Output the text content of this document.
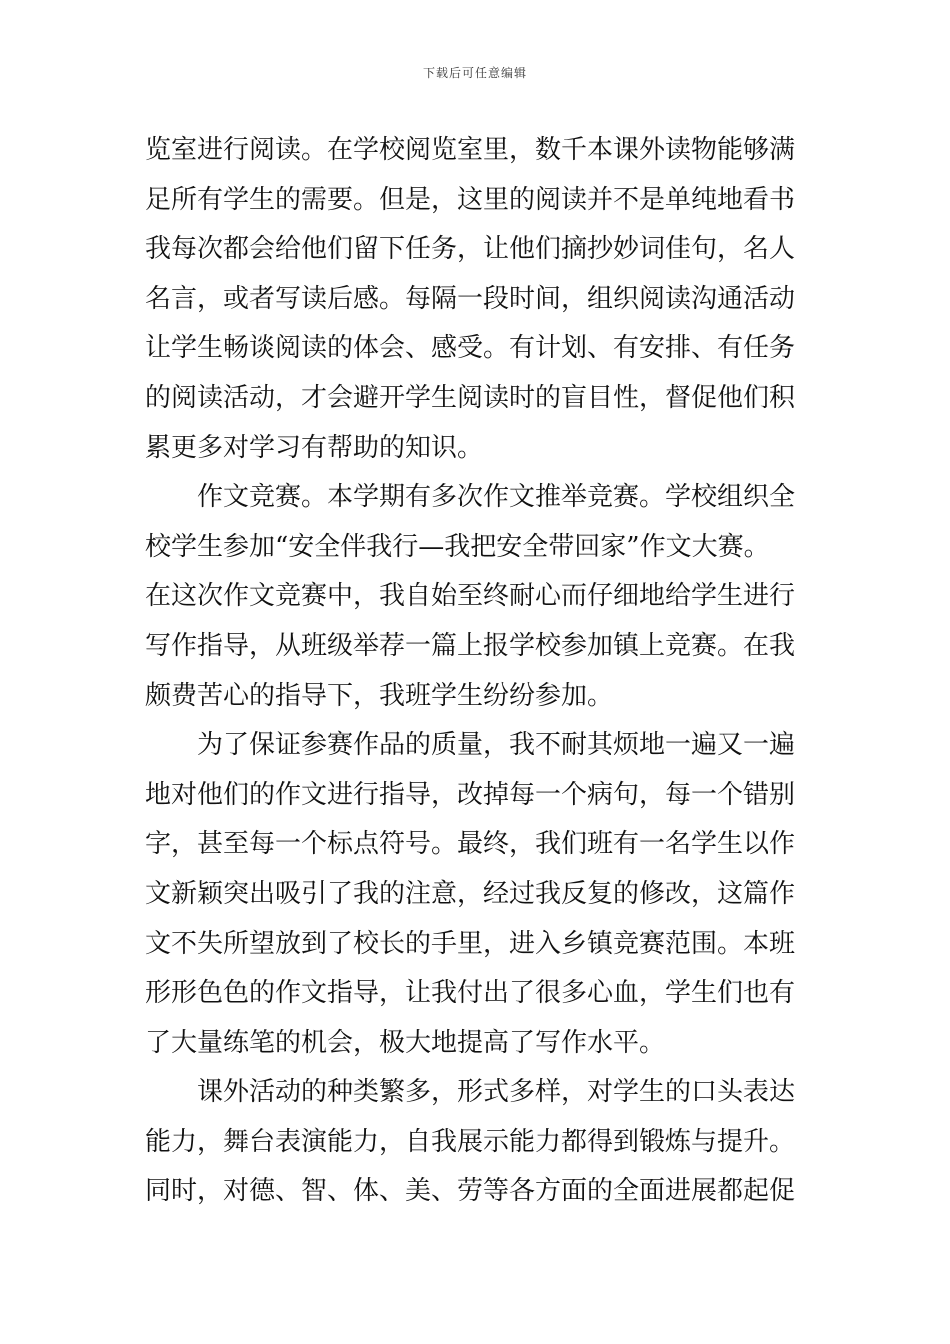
下载后可任意编辑
览室进行阅读。在学校阅览室里，数千本课外读物能够满
足所有学生的需要。但是，这里的阅读并不是单纯地看书
我每次都会给他们留下任务，让他们摘抄妙词佳句，名人
名言，或者写读后感。每隔一段时间，组织阅读沟通活动
让学生畅谈阅读的体会、感受。有计划、有安排、有任务
的阅读活动，才会避开学生阅读时的盲目性，督促他们积
累更多对学习有帮助的知识。
作文竞赛。本学期有多次作文推举竞赛。学校组织全
校学生参加“安全伴我行—我把安全带回家”作文大赛。
在这次作文竞赛中，我自始至终耐心而仔细地给学生进行
写作指导，从班级举荐一篇上报学校参加镇上竞赛。在我
颇费苦心的指导下，我班学生纷纷参加。
为了保证参赛作品的质量，我不耐其烦地一遍又一遍
地对他们的作文进行指导，改掉每一个病句，每一个错别
字，甚至每一个标点符号。最终，我们班有一名学生以作
文新颖突出吸引了我的注意，经过我反复的修改，这篇作
文不失所望放到了校长的手里，进入乡镇竞赛范围。本班
形形色色的作文指导，让我付出了很多心血，学生们也有
了大量练笔的机会，极大地提高了写作水平。
课外活动的种类繁多，形式多样，对学生的口头表达
能力，舞台表演能力，自我展示能力都得到锻炼与提升。
同时，对德、智、体、美、劳等各方面的全面进展都起促
